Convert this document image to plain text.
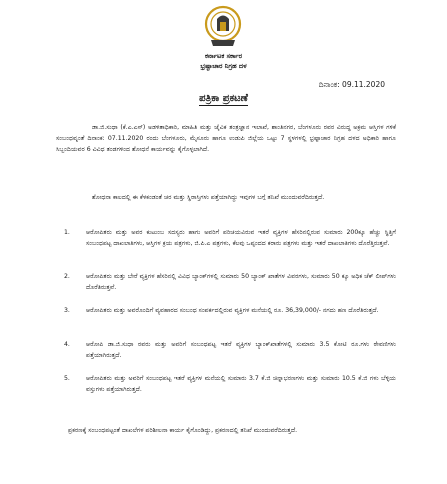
ಕರ್ನಾಟಕ ಸರ್ಕಾರ
ಭ್ರಷ್ಟಾಚಾರ ನಿಗ್ರಹ ದಳ
ದಿನಾಂಕ: 09.11.2020
ಪತ್ರಿಕಾ ಪ್ರಕಟಣೆ
ಡಾ.ಜಿ.ಸುಧಾ (ಕೆ.ಎ.ಎಸ್) ಅಡಳಿತಾಧಿಕಾರಿ, ಮಾಹಿತಿ ಮತ್ತು ಜೈವಿಕ ತಂತ್ರಜ್ಞಾನ ಇಲಾಖೆ, ಶಾಂತಿನಗರ, ಬೆಂಗಳೂರು ರವರ ವಿರುದ್ಧ ಅಕ್ರಮ ಆಸ್ತಿಗಳ ಗಳಿಕೆ ಸಂಬಂಧವೃಂತೆ ದಿನಾಂಕ: 07.11.2020 ರಂದು ಬೆಂಗಳೂರು, ಮೈಸೂರು ಹಾಗೂ ಉಡುಪಿ ಜಿಲ್ಲೆಯ ಒಟ್ಟು 7 ಸ್ಥಳಗಳಲ್ಲಿ ಭ್ರಷ್ಟಾಚಾರ ನಿಗ್ರಹ ದಳದ ಅಧಿಕಾರಿ ಹಾಗೂ ಸಿಬ್ಬಂದಿಯವರ 6 ವಿವಿಧ ತಂಡಗಳಿಂದ ಶೋಧನೆ ಕಾರ್ಯವನ್ನು ಕೈಗೊಳ್ಳಲಾಗಿದೆ.
ಶೋಧನಾ ಕಾಲದಲ್ಲಿ ಈ ಕೆಳಕಂಡಂತೆ ಚರ ಮತ್ತು ಸ್ಥಿರಾಸ್ತಿಗಳು ಪತ್ತೆಯಾಗಿದ್ದು ಇವುಗಳ ಬಗ್ಗೆ ತನಿಖೆ ಮುಂದುವರೆದಿರುತ್ತದೆ.
1.	ಆರೋಪಿತರು ಮತ್ತು ಅವರ ಕುಟುಂಬ ಸದಸ್ಯರು ಹಾಗು ಅವರಿಗೆ ಪರಿಚಯವಿರುವ ಇತರೆ ವ್ಯಕ್ತಿಗಳ ಹೆಸರಿನಲ್ಲಿರುವ ಸುಮಾರು 200ಕ್ಕೂ ಹೆಚ್ಚು ಸ್ಥಿತ್ತಿಗೆ ಸಂಬಂಧಪಟ್ಟ ದಾಖಲಾತಿಗಳು, ಆಸ್ತಿಗಳ ಕ್ರಯ ಪತ್ರಗಳು, ಜಿ.ಪಿ.ಎ ಪತ್ರಗಳು, ಕೆಲವು ಒಪ್ಪಂದದ ಕರಾರು ಪತ್ರಗಳು ಮತ್ತು ಇತರೆ ದಾಖಲಾತಿಗಳು ದೊರೆತ್ತಿರುತ್ತವೆ.
2.	ಆರೋಪಿತರು ಮತ್ತು ಬೇರೆ ವ್ಯಕ್ತಿಗಳ ಹೆಸರಿನಲ್ಲಿ ವಿವಿಧ ಬ್ಯಾಂಕ್‌ಗಳಲ್ಲಿ ಸುಮಾರು 50 ಬ್ಯಾಂಕ್ ಖಾತೆಗಳ ವಿವರಗಳು, ಸುಮಾರು 50 ಕ್ಕೂ ಅಧಿಕ ಚೆಕ್ ಲೀಪ್‌ಗಳು ದೊರೆತಿರುತ್ತವೆ.
3.	ಆರೋಪಿತರು ಮತ್ತು ಅವರೊಂದಿಗೆ ವ್ಯವಹಾರದ ಸಂಬಂಧ ಸಂಪರ್ಕದಲ್ಲಿರುವ ವ್ಯಕ್ತಿಗಳ ಮನೆಯಲ್ಲಿ ರೂ. 36,39,000/- ನಗದು ಹಣ ದೊರೆತಿರುತ್ತದೆ.
4.	ಆರೋಪಿ ಡಾ.ಜಿ.ಸುಧಾ ರವರು ಮತ್ತು ಅವರಿಗೆ ಸಂಬಂಧಪಟ್ಟ ಇತರೆ ವ್ಯಕ್ತಿಗಳ ಬ್ಯಾಂಕ್‌ಖಾತೆಗಳಲ್ಲಿ ಸುಮಾರು 3.5 ಕೋಟಿ ರೂ.ಗಳು ಠೇವಣಿಗಳು ಪತ್ತೆಯಾಗಿರುತ್ತದೆ.
5.	ಆರೋಪಿತರು ಮತ್ತು ಅವರಿಗೆ ಸಂಬಂಧಪಟ್ಟ ಇತರೆ ವ್ಯಕ್ತಿಗಳ ಮನೆಯಲ್ಲಿ ಸುಮಾರು 3.7 ಕೆ.ಜಿ ಚಿನ್ನಾಭರಣಗಳು ಮತ್ತು ಸುಮಾರು 10.5 ಕೆ.ಜಿ ಗಳು ಬೆಳ್ಳಿಯ ವಸ್ತುಗಳು ಪತ್ತೆಯಾಗಿರುತ್ತದೆ.
ಪ್ರಕರಣಕ್ಕೆ ಸಂಬಂಧಪಟ್ಟಂತೆ ದಾಖಲೆಗಳ ಪರಿಶೀಲನಾ ಕಾರ್ಯ ಕೈಗೊಂಡಿದ್ದು, ಪ್ರಕರಣದಲ್ಲಿ ತನಿಖೆ ಮುಂದುವರೆದಿರುತ್ತದೆ.
